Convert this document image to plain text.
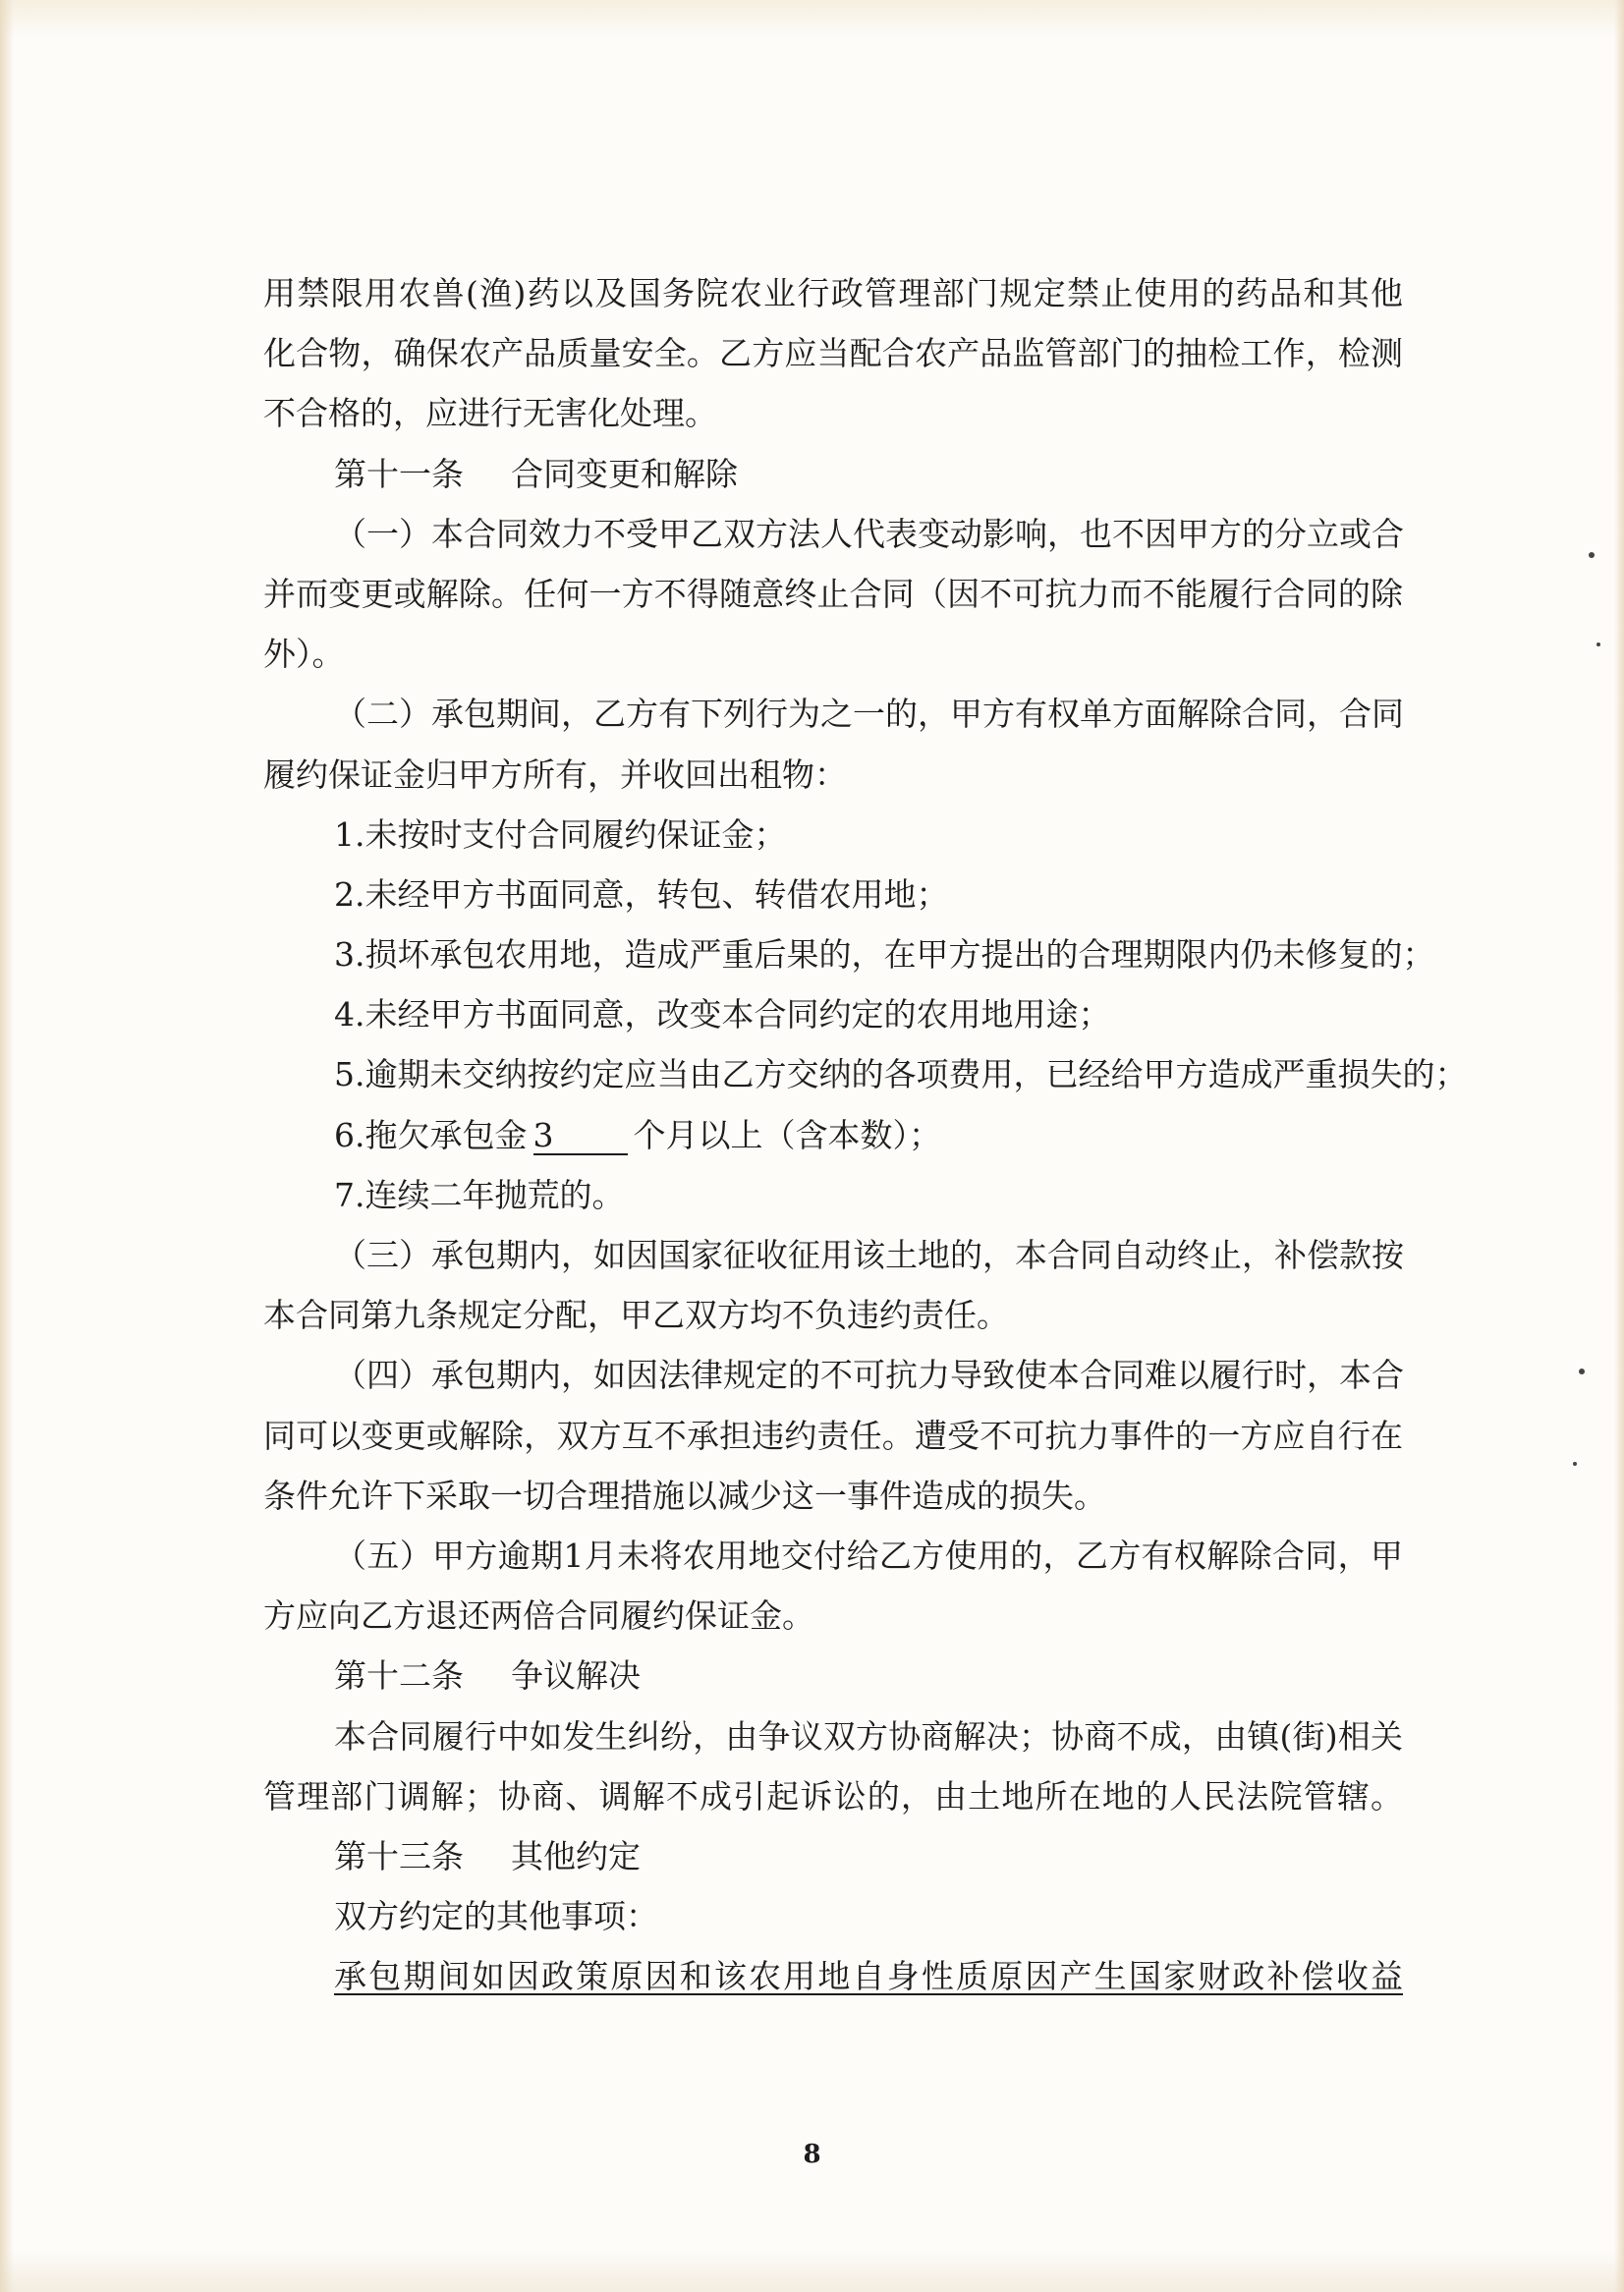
用禁限用农兽(渔)药以及国务院农业行政管理部门规定禁止使用的药品和其他
化合物，确保农产品质量安全。乙方应当配合农产品监管部门的抽检工作，检测
不合格的，应进行无害化处理。
第十一条 合同变更和解除
（一）本合同效力不受甲乙双方法人代表变动影响，也不因甲方的分立或合
并而变更或解除。任何一方不得随意终止合同（因不可抗力而不能履行合同的除
外）。
（二）承包期间，乙方有下列行为之一的，甲方有权单方面解除合同，合同
履约保证金归甲方所有，并收回出租物：
1.未按时支付合同履约保证金；
2.未经甲方书面同意，转包、转借农用地；
3.损坏承包农用地，造成严重后果的，在甲方提出的合理期限内仍未修复的；
4.未经甲方书面同意，改变本合同约定的农用地用途；
5.逾期未交纳按约定应当由乙方交纳的各项费用，已经给甲方造成严重损失的；
6.拖欠承包金 3 个月以上（含本数）；
7.连续二年抛荒的。
（三）承包期内，如因国家征收征用该土地的，本合同自动终止，补偿款按
本合同第九条规定分配，甲乙双方均不负违约责任。
（四）承包期内，如因法律规定的不可抗力导致使本合同难以履行时，本合
同可以变更或解除，双方互不承担违约责任。遭受不可抗力事件的一方应自行在
条件允许下采取一切合理措施以减少这一事件造成的损失。
（五）甲方逾期1月未将农用地交付给乙方使用的，乙方有权解除合同，甲
方应向乙方退还两倍合同履约保证金。
第十二条 争议解决
本合同履行中如发生纠纷，由争议双方协商解决；协商不成，由镇(街)相关
管理部门调解；协商、调解不成引起诉讼的，由土地所在地的人民法院管辖。
第十三条 其他约定
双方约定的其他事项：
承包期间如因政策原因和该农用地自身性质原因产生国家财政补偿收益
8
